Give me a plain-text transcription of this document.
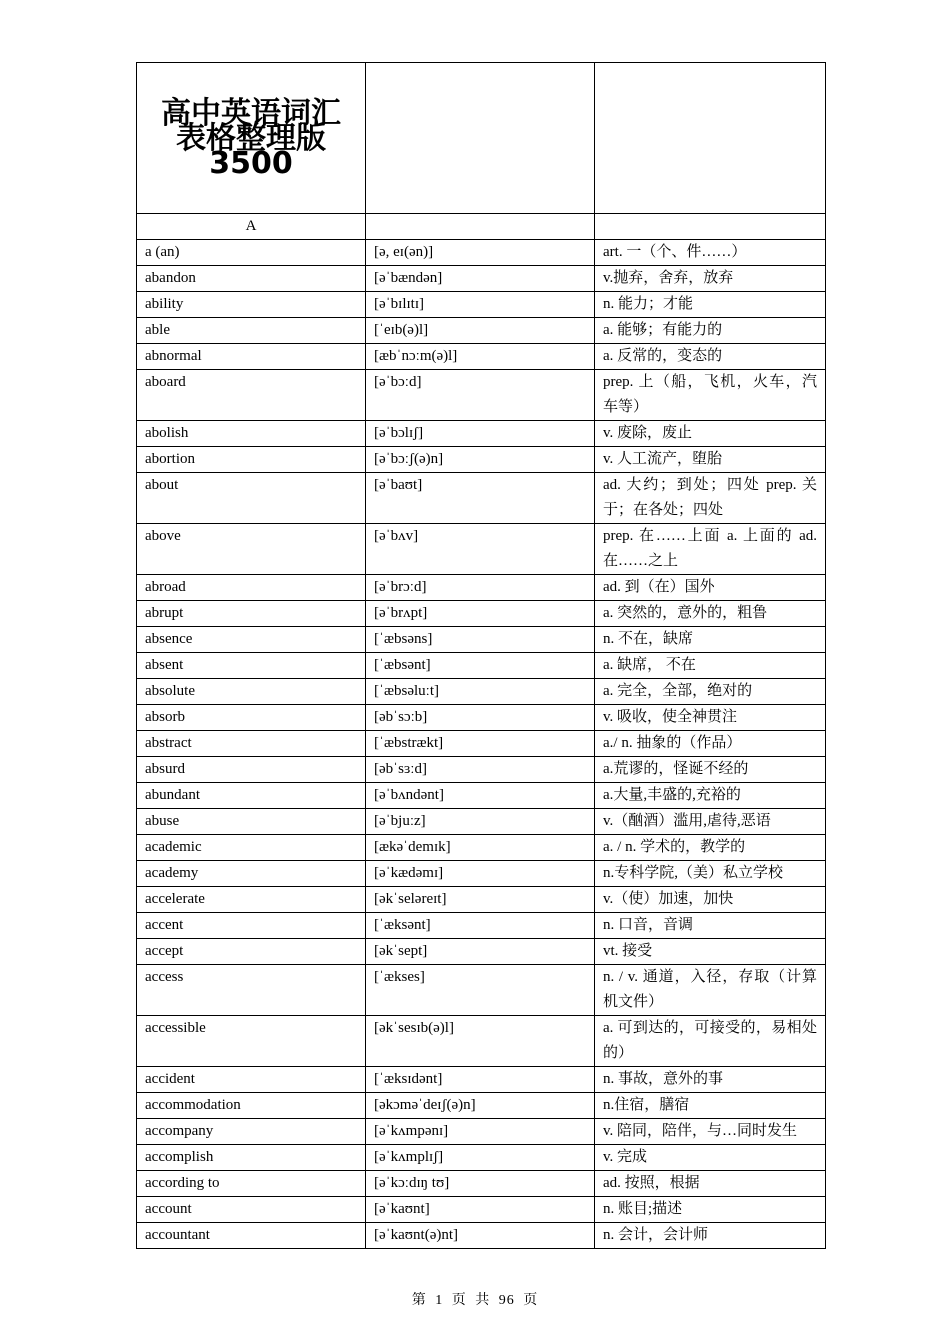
高中英语词汇
表格整理版
3500		

A		
a (an)	[ə, eɪ(ən)]	art. 一（个、件……）
abandon	[əˈbændən]	v.抛弃，舍弃，放弃
ability	[əˈbɪlɪtɪ]	n. 能力；才能
able	[ˈeɪb(ə)l]	a. 能够；有能力的
abnormal	[æbˈnɔːm(ə)l]	a. 反常的，变态的
aboard	[əˈbɔːd]	prep. 上（船，飞机，火车，汽车等）
abolish	[əˈbɔlɪʃ]	v. 废除，废止
abortion	[əˈbɔːʃ(ə)n]	v. 人工流产，堕胎
about	[əˈbaʊt]	ad. 大约；到处；四处 prep. 关于；在各处；四处
above	[əˈbʌv]	prep. 在……上面 a. 上面的 ad. 在……之上
abroad	[əˈbrɔːd]	ad. 到（在）国外
abrupt	[əˈbrʌpt]	a. 突然的，意外的，粗鲁
absence	[ˈæbsəns]	n. 不在，缺席
absent	[ˈæbsənt]	a. 缺席， 不在
absolute	[ˈæbsəluːt]	a. 完全，全部，绝对的
absorb	[əbˈsɔːb]	v. 吸收，使全神贯注
abstract	[ˈæbstrækt]	a./ n. 抽象的（作品）
absurd	[əbˈsɜːd]	a.荒谬的，怪诞不经的
abundant	[əˈbʌndənt]	a.大量,丰盛的,充裕的
abuse	[əˈbjuːz]	v.（酗酒）滥用,虐待,恶语
academic	[ækəˈdemɪk]	a. / n. 学术的，教学的
academy	[əˈkædəmɪ]	n.专科学院,（美）私立学校
accelerate	[əkˈseləreɪt]	v.（使）加速，加快
accent	[ˈæksənt]	n. 口音，音调
accept	[əkˈsept]	vt. 接受
access	[ˈækses]	n. / v. 通道，入径，存取（计算机文件）
accessible	[əkˈsesɪb(ə)l]	a. 可到达的，可接受的，易相处的）
accident	[ˈæksɪdənt]	n. 事故，意外的事
accommodation	[əkɔməˈdeɪʃ(ə)n]	n.住宿，膳宿
accompany	[əˈkʌmpənɪ]	v. 陪同，陪伴，与…同时发生
accomplish	[əˈkʌmplɪʃ]	v. 完成
according to	[əˈkɔːdɪŋ tʊ]	ad. 按照，根据
account	[əˈkaʊnt]	n. 账目;描述
accountant	[əˈkaʊnt(ə)nt]	n. 会计，会计师
第 1 页 共 96 页
